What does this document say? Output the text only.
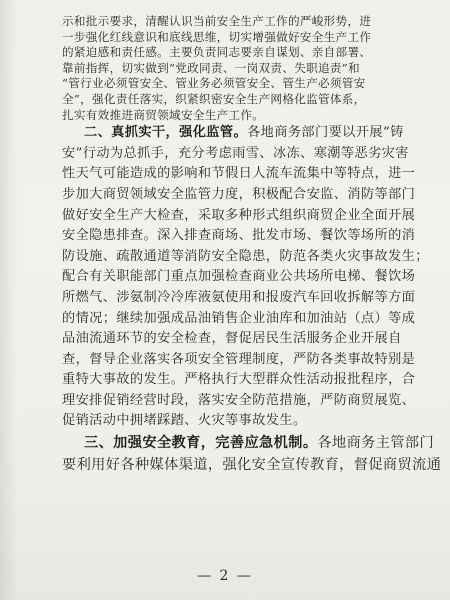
示和批示要求，清醒认识当前安全生产工作的严峻形势，进
一步强化红线意识和底线思维，切实增强做好安全生产工作
的紧迫感和责任感。主要负责同志要亲自谋划、亲自部署、
靠前指挥，切实做到“党政同责、一岗双责、失职追责”和
“管行业必须管安全、管业务必须管安全、管生产必须管安
全”，强化责任落实，织紧织密安全生产网格化监管体系，
扎实有效推进商贸领域安全生产工作。
二、真抓实干，强化监管。各地商务部门要以开展“铸
安”行动为总抓手，充分考虑雨雪、冰冻、寒潮等恶劣灾害
性天气可能造成的影响和节假日人流车流集中等特点，进一
步加大商贸领域安全监管力度，积极配合安监、消防等部门
做好安全生产大检查，采取多种形式组织商贸企业全面开展
安全隐患排查。深入排查商场、批发市场、餐饮等场所的消
防设施、疏散通道等消防安全隐患，防范各类火灾事故发生；
配合有关职能部门重点加强检查商业公共场所电梯、餐饮场
所燃气、涉氨制冷冷库液氨使用和报废汽车回收拆解等方面
的情况；继续加强成品油销售企业油库和加油站（点）等成
品油流通环节的安全检查，督促居民生活服务企业开展自
查，督导企业落实各项安全管理制度，严防各类事故特别是
重特大事故的发生。严格执行大型群众性活动报批程序，合
理安排促销经营时段，落实安全防范措施，严防商贸展览、
促销活动中拥堵踩踏、火灾等事故发生。
三、加强安全教育，完善应急机制。各地商务主管部门
要利用好各种媒体渠道，强化安全宣传教育，督促商贸流通
— 2 —
